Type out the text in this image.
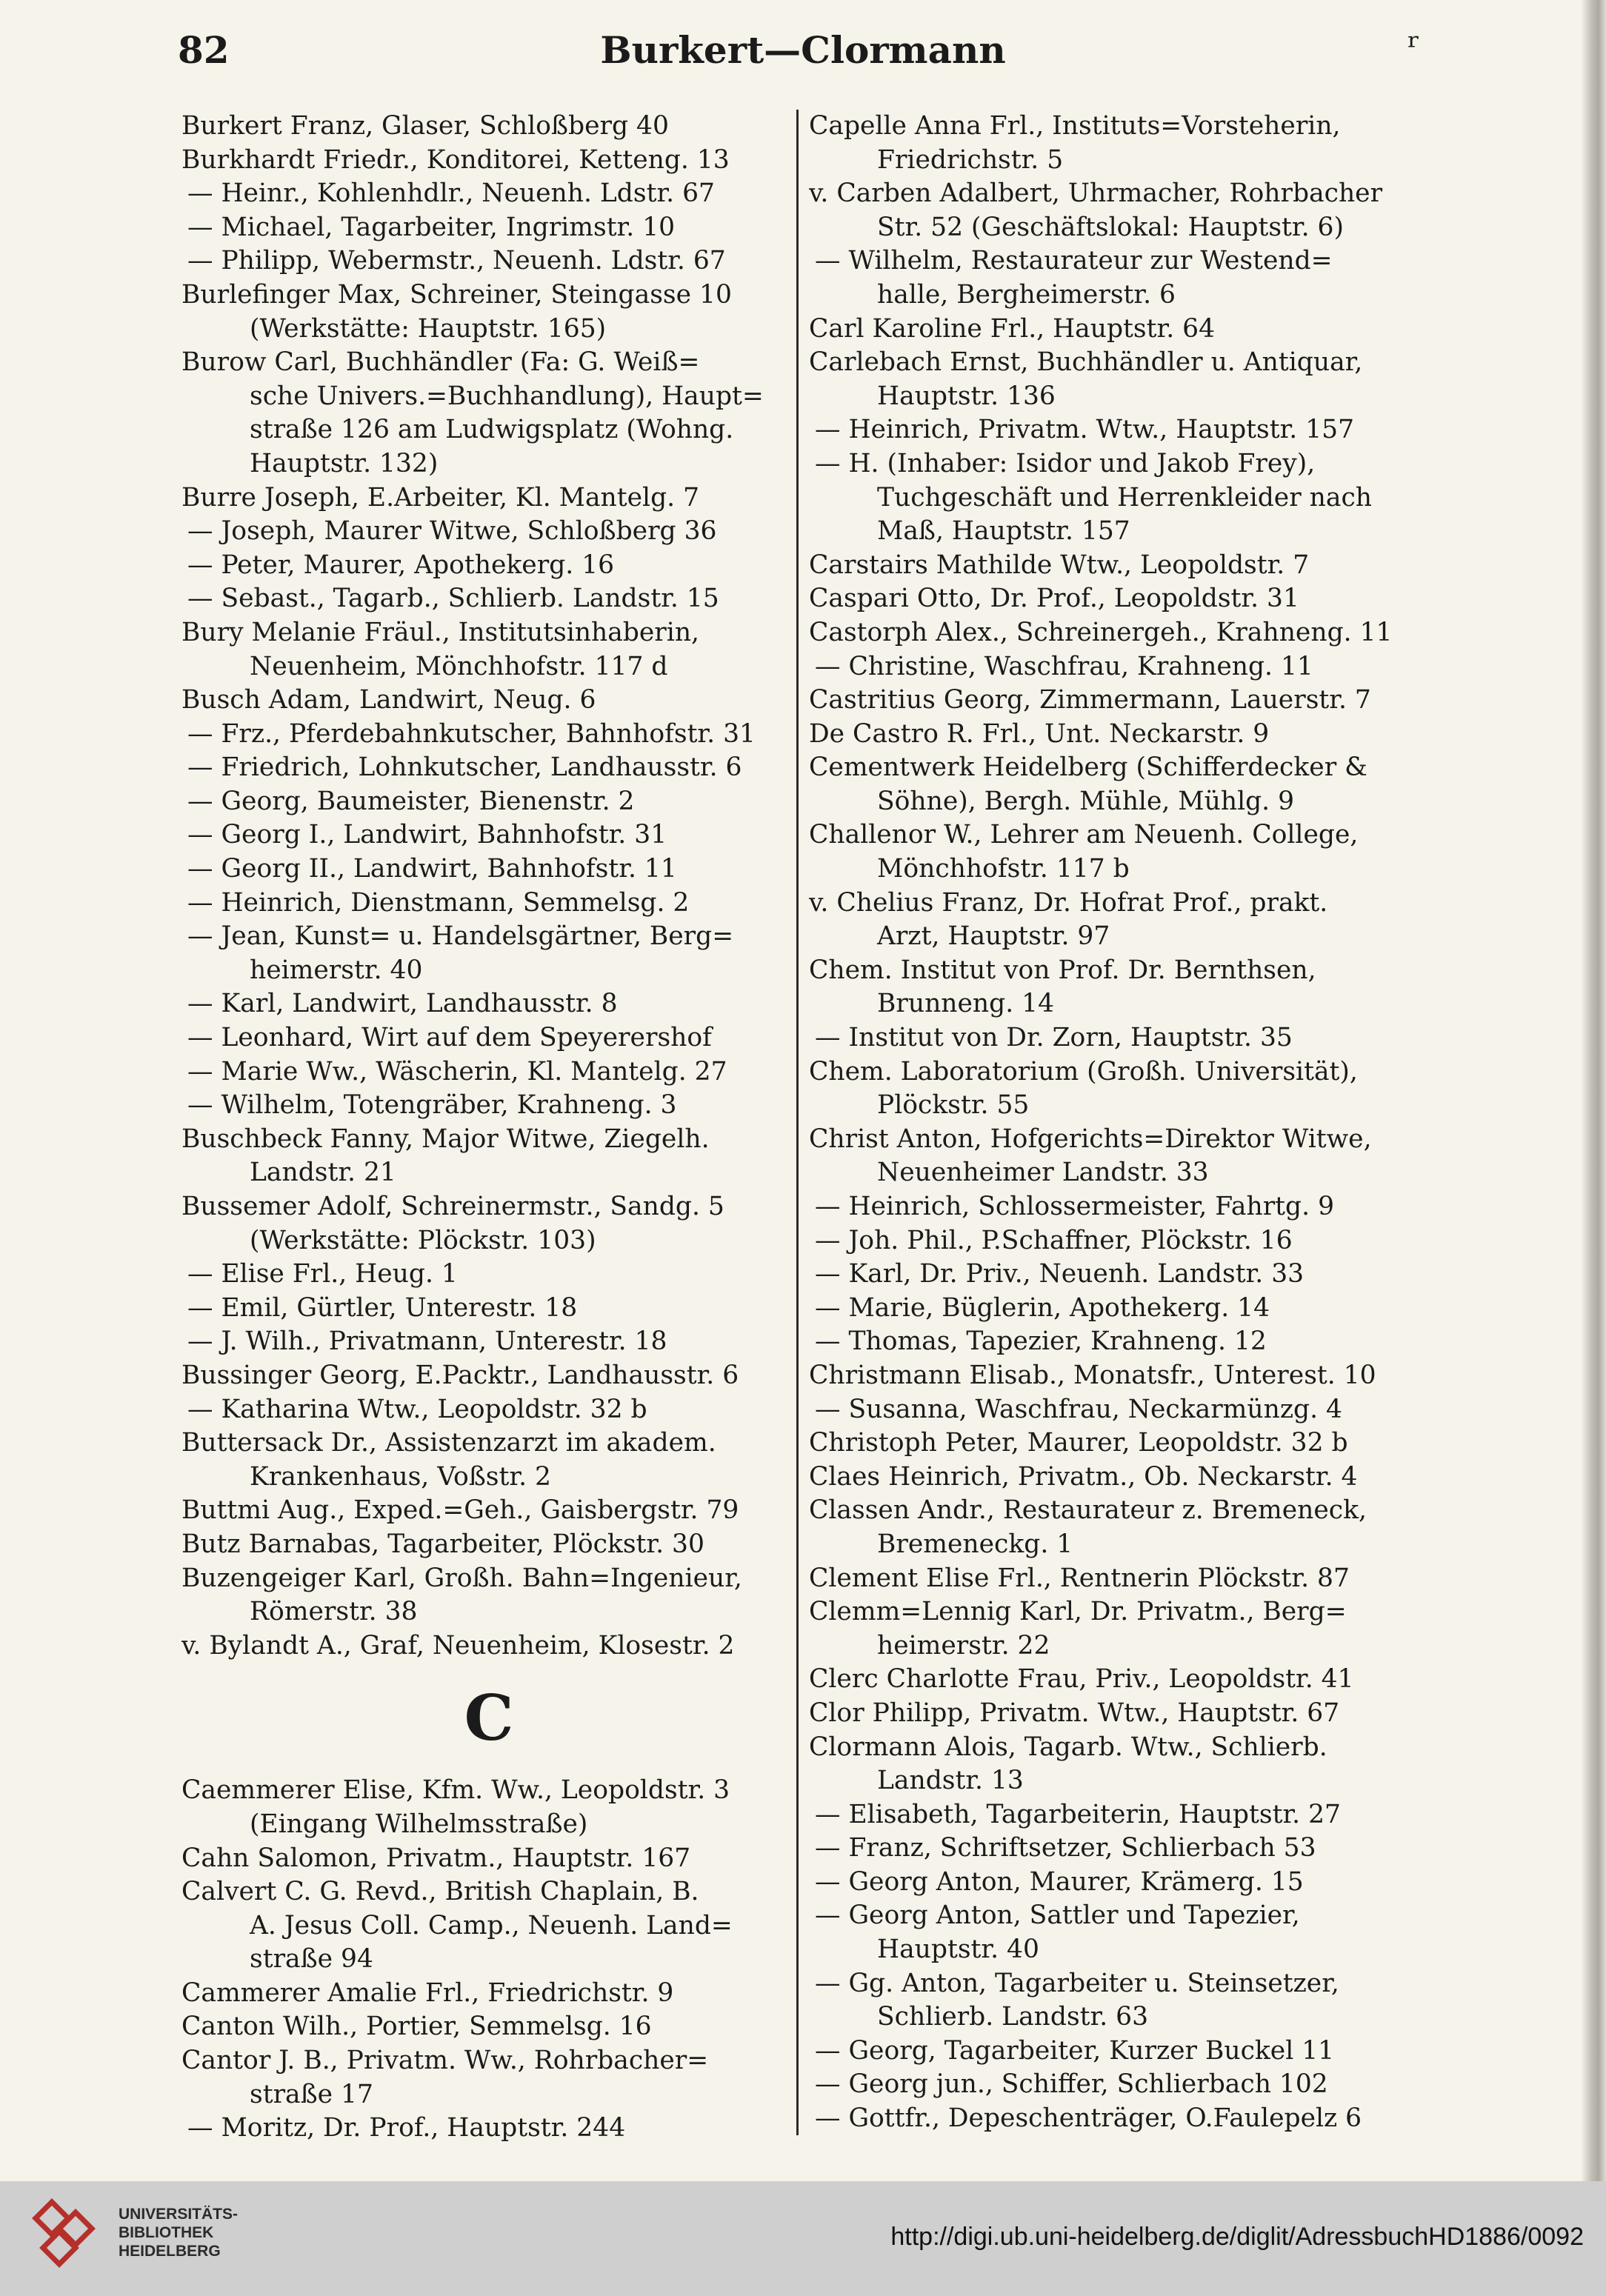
82	Burkert—Clormann	ʳ
Burkert Franz, Glaser, Schloßberg 40
Burkhardt Friedr., Konditorei, Ketteng. 13
— Heinr., Kohlenhdlr., Neuenh. Ldstr. 67
— Michael, Tagarbeiter, Ingrimstr. 10
— Philipp, Webermstr., Neuenh. Ldstr. 67
Burlefinger Max, Schreiner, Steingasse 10
(Werkstätte: Hauptstr. 165)
Burow Carl, Buchhändler (Fa: G. Weiß=
sche Univers.=Buchhandlung), Haupt=
straße 126 am Ludwigsplatz (Wohng.
Hauptstr. 132)
Burre Joseph, E.Arbeiter, Kl. Mantelg. 7
— Joseph, Maurer Witwe, Schloßberg 36
— Peter, Maurer, Apothekerg. 16
— Sebast., Tagarb., Schlierb. Landstr. 15
Bury Melanie Fräul., Institutsinhaberin,
Neuenheim, Mönchhofstr. 117 d
Busch Adam, Landwirt, Neug. 6
— Frz., Pferdebahnkutscher, Bahnhofstr. 31
— Friedrich, Lohnkutscher, Landhausstr. 6
— Georg, Baumeister, Bienenstr. 2
— Georg I., Landwirt, Bahnhofstr. 31
— Georg II., Landwirt, Bahnhofstr. 11
— Heinrich, Dienstmann, Semmelsg. 2
— Jean, Kunst= u. Handelsgärtner, Berg=
heimerstr. 40
— Karl, Landwirt, Landhausstr. 8
— Leonhard, Wirt auf dem Speyerershof
— Marie Ww., Wäscherin, Kl. Mantelg. 27
— Wilhelm, Totengräber, Krahneng. 3
Buschbeck Fanny, Major Witwe, Ziegelh.
Landstr. 21
Bussemer Adolf, Schreinermstr., Sandg. 5
(Werkstätte: Plöckstr. 103)
— Elise Frl., Heug. 1
— Emil, Gürtler, Unterestr. 18
— J. Wilh., Privatmann, Unterestr. 18
Bussinger Georg, E.Packtr., Landhausstr. 6
— Katharina Wtw., Leopoldstr. 32 b
Buttersack Dr., Assistenzarzt im akadem.
Krankenhaus, Voßstr. 2
Buttmi Aug., Exped.=Geh., Gaisbergstr. 79
Butz Barnabas, Tagarbeiter, Plöckstr. 30
Buzengeiger Karl, Großh. Bahn=Ingenieur,
Römerstr. 38
v. Bylandt A., Graf, Neuenheim, Klosestr. 2
C
Caemmerer Elise, Kfm. Ww., Leopoldstr. 3
(Eingang Wilhelmsstraße)
Cahn Salomon, Privatm., Hauptstr. 167
Calvert C. G. Revd., British Chaplain, B.
A. Jesus Coll. Camp., Neuenh. Land=
straße 94
Cammerer Amalie Frl., Friedrichstr. 9
Canton Wilh., Portier, Semmelsg. 16
Cantor J. B., Privatm. Ww., Rohrbacher=
straße 17
— Moritz, Dr. Prof., Hauptstr. 244
Capelle Anna Frl., Instituts=Vorsteherin,
Friedrichstr. 5
v. Carben Adalbert, Uhrmacher, Rohrbacher
Str. 52 (Geschäftslokal: Hauptstr. 6)
— Wilhelm, Restaurateur zur Westend=
halle, Bergheimerstr. 6
Carl Karoline Frl., Hauptstr. 64
Carlebach Ernst, Buchhändler u. Antiquar,
Hauptstr. 136
— Heinrich, Privatm. Wtw., Hauptstr. 157
— H. (Inhaber: Isidor und Jakob Frey),
Tuchgeschäft und Herrenkleider nach
Maß, Hauptstr. 157
Carstairs Mathilde Wtw., Leopoldstr. 7
Caspari Otto, Dr. Prof., Leopoldstr. 31
Castorph Alex., Schreinergeh., Krahneng. 11
— Christine, Waschfrau, Krahneng. 11
Castritius Georg, Zimmermann, Lauerstr. 7
De Castro R. Frl., Unt. Neckarstr. 9
Cementwerk Heidelberg (Schifferdecker &
Söhne), Bergh. Mühle, Mühlg. 9
Challenor W., Lehrer am Neuenh. College,
Mönchhofstr. 117 b
v. Chelius Franz, Dr. Hofrat Prof., prakt.
Arzt, Hauptstr. 97
Chem. Institut von Prof. Dr. Bernthsen,
Brunneng. 14
— Institut von Dr. Zorn, Hauptstr. 35
Chem. Laboratorium (Großh. Universität),
Plöckstr. 55
Christ Anton, Hofgerichts=Direktor Witwe,
Neuenheimer Landstr. 33
— Heinrich, Schlossermeister, Fahrtg. 9
— Joh. Phil., P.Schaffner, Plöckstr. 16
— Karl, Dr. Priv., Neuenh. Landstr. 33
— Marie, Büglerin, Apothekerg. 14
— Thomas, Tapezier, Krahneng. 12
Christmann Elisab., Monatsfr., Unterest. 10
— Susanna, Waschfrau, Neckarmünzg. 4
Christoph Peter, Maurer, Leopoldstr. 32 b
Claes Heinrich, Privatm., Ob. Neckarstr. 4
Classen Andr., Restaurateur z. Bremeneck,
Bremeneckg. 1
Clement Elise Frl., Rentnerin Plöckstr. 87
Clemm=Lennig Karl, Dr. Privatm., Berg=
heimerstr. 22
Clerc Charlotte Frau, Priv., Leopoldstr. 41
Clor Philipp, Privatm. Wtw., Hauptstr. 67
Clormann Alois, Tagarb. Wtw., Schlierb.
Landstr. 13
— Elisabeth, Tagarbeiterin, Hauptstr. 27
— Franz, Schriftsetzer, Schlierbach 53
— Georg Anton, Maurer, Krämerg. 15
— Georg Anton, Sattler und Tapezier,
Hauptstr. 40
— Gg. Anton, Tagarbeiter u. Steinsetzer,
Schlierb. Landstr. 63
— Georg, Tagarbeiter, Kurzer Buckel 11
— Georg jun., Schiffer, Schlierbach 102
— Gottfr., Depeschenträger, O.Faulepelz 6
UNIVERSITÄTS-
BIBLIOTHEK
HEIDELBERG
http://digi.ub.uni-heidelberg.de/diglit/AdressbuchHD1886/0092
